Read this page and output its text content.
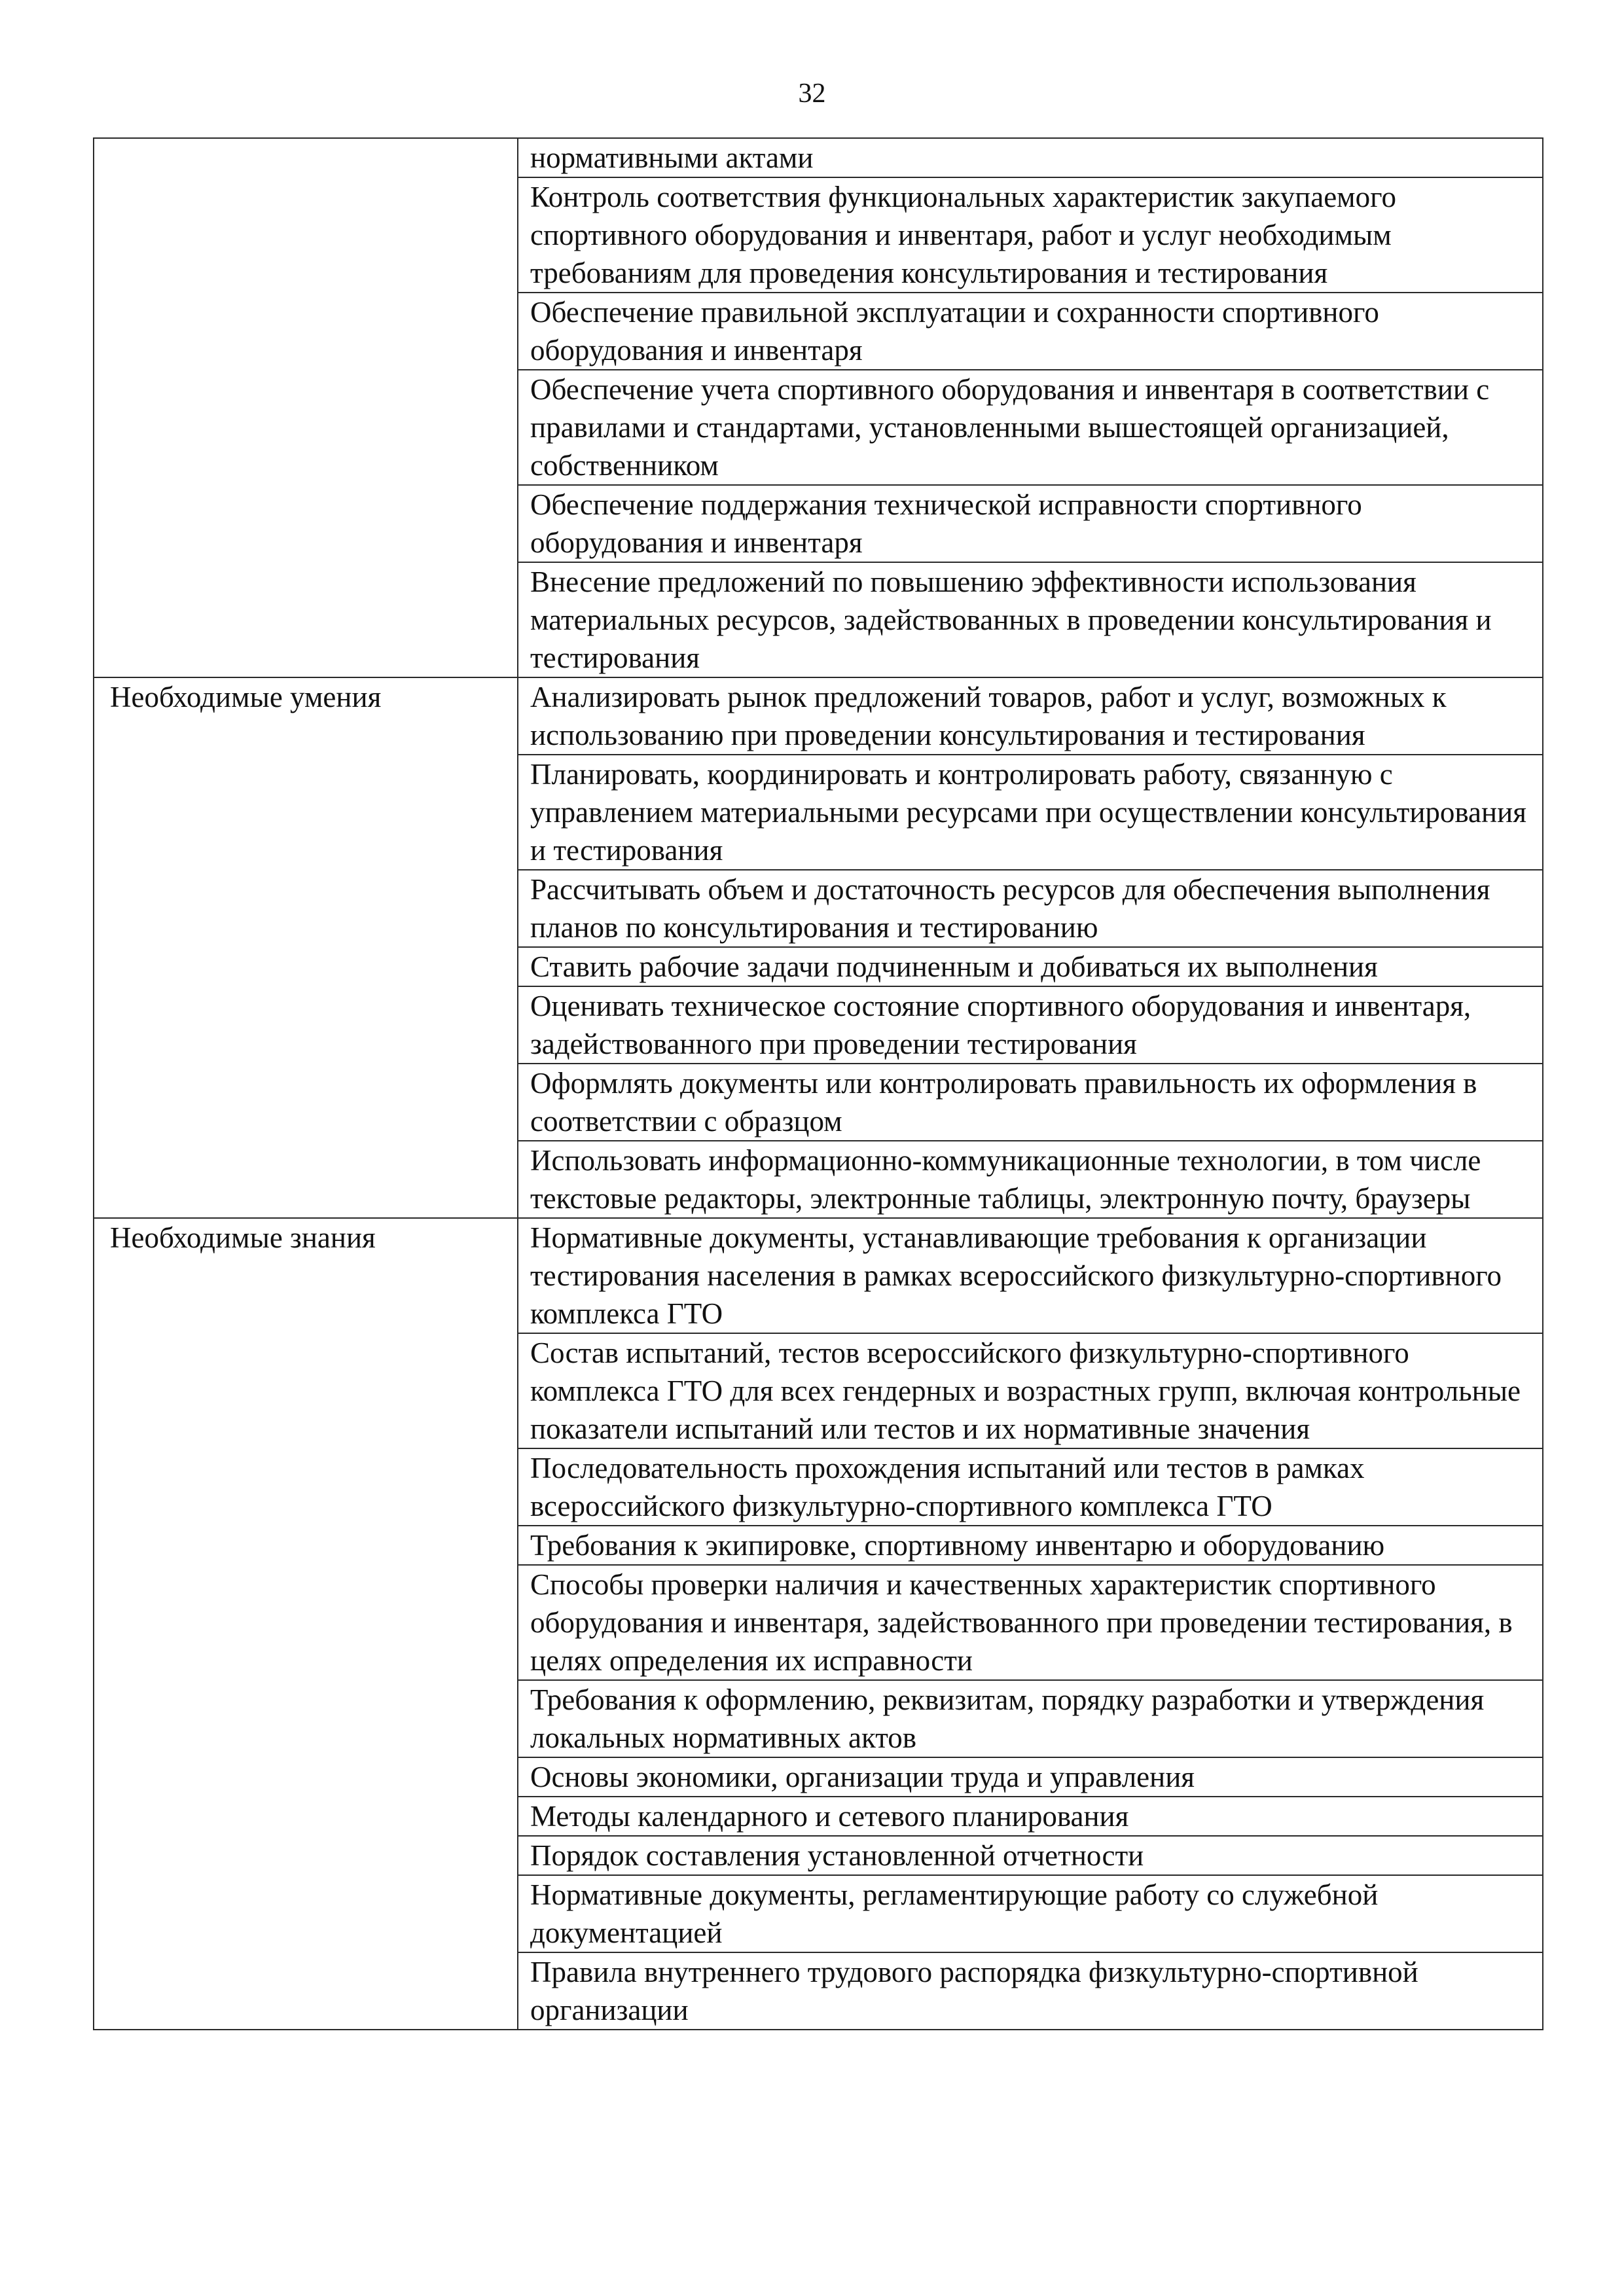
32
	нормативными актами
	Контроль соответствия функциональных характеристик закупаемого спортивного оборудования и инвентаря, работ и услуг необходимым требованиям для проведения консультирования и тестирования
	Обеспечение правильной эксплуатации и сохранности спортивного оборудования и инвентаря
	Обеспечение учета спортивного оборудования и инвентаря в соответствии с правилами и стандартами, установленными вышестоящей организацией, собственником
	Обеспечение поддержания технической исправности спортивного оборудования и инвентаря
	Внесение предложений по повышению эффективности использования материальных ресурсов, задействованных в проведении консультирования и тестирования
Необходимые умения	Анализировать рынок предложений товаров, работ и услуг, возможных к использованию при проведении консультирования и тестирования
	Планировать, координировать и контролировать работу, связанную с управлением материальными ресурсами при осуществлении консультирования и тестирования
	Рассчитывать объем и достаточность ресурсов для обеспечения выполнения планов по консультирования и тестированию
	Ставить рабочие задачи подчиненным и добиваться их выполнения
	Оценивать техническое состояние спортивного оборудования и инвентаря, задействованного при проведении тестирования
	Оформлять документы или контролировать правильность их оформления в соответствии с образцом
	Использовать информационно-коммуникационные технологии, в том числе текстовые редакторы, электронные таблицы, электронную почту, браузеры
Необходимые знания	Нормативные документы, устанавливающие требования к организации тестирования населения в рамках всероссийского физкультурно-спортивного комплекса ГТО
	Состав испытаний, тестов всероссийского физкультурно-спортивного комплекса ГТО для всех гендерных и возрастных групп, включая контрольные показатели испытаний или тестов и их нормативные значения
	Последовательность прохождения испытаний или тестов в рамках всероссийского физкультурно-спортивного комплекса ГТО
	Требования к экипировке, спортивному инвентарю и оборудованию
	Способы проверки наличия и качественных характеристик спортивного оборудования и инвентаря, задействованного при проведении тестирования, в целях определения их исправности
	Требования к оформлению, реквизитам, порядку разработки и утверждения локальных нормативных актов
	Основы экономики, организации труда и управления
	Методы календарного и сетевого планирования
	Порядок составления установленной отчетности
	Нормативные документы, регламентирующие работу со служебной документацией
	Правила внутреннего трудового распорядка физкультурно-спортивной организации
